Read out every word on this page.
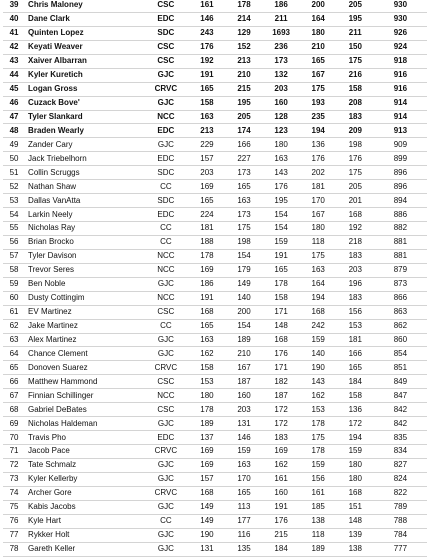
39	Chris Maloney	CSC	161	178	186	200	205	930
40	Dane Clark	EDC	146	214	211	164	195	930
41	Quinten Lopez	SDC	243	129	1693	180	211	926
42	Keyati Weaver	CSC	176	152	236	210	150	924
43	Xaiver Albarran	CSC	192	213	173	165	175	918
44	Kyler Kuretich	GJC	191	210	132	167	216	916
45	Logan Gross	CRVC	165	215	203	175	158	916
46	Cuzack Bove'	GJC	158	195	160	193	208	914
47	Tyler Slankard	NCC	163	205	128	235	183	914
48	Braden Wearly	EDC	213	174	123	194	209	913
49	Zander Cary	GJC	229	166	180	136	198	909
50	Jack Triebelhorn	EDC	157	227	163	176	176	899
51	Collin Scruggs	SDC	203	173	143	202	175	896
52	Nathan Shaw	CC	169	165	176	181	205	896
53	Dallas VanAtta	SDC	165	163	195	170	201	894
54	Larkin Neely	EDC	224	173	154	167	168	886
55	Nicholas Ray	CC	181	175	154	180	192	882
56	Brian Brocko	CC	188	198	159	118	218	881
57	Tyler Davison	NCC	178	154	191	175	183	881
58	Trevor Seres	NCC	169	179	165	163	203	879
59	Ben Noble	GJC	186	149	178	164	196	873
60	Dusty Cottingim	NCC	191	140	158	194	183	866
61	EV Martinez	CSC	168	200	171	168	156	863
62	Jake Martinez	CC	165	154	148	242	153	862
63	Alex Martinez	GJC	163	189	168	159	181	860
64	Chance Clement	GJC	162	210	176	140	166	854
65	Donoven Suarez	CRVC	158	167	171	190	165	851
66	Matthew Hammond	CSC	153	187	182	143	184	849
67	Finnian Schillinger	NCC	180	160	187	162	158	847
68	Gabriel DeBates	CSC	178	203	172	153	136	842
69	Nicholas Haldeman	GJC	189	131	172	178	172	842
70	Travis Pho	EDC	137	146	183	175	194	835
71	Jacob Pace	CRVC	169	159	169	178	159	834
72	Tate Schmalz	GJC	169	163	162	159	180	827
73	Kyler Kellerby	GJC	157	170	161	156	180	824
74	Archer Gore	CRVC	168	165	160	161	168	822
75	Kabis Jacobs	GJC	149	113	191	185	151	789
76	Kyle Hart	CC	149	177	176	138	148	788
77	Rykker Holt	GJC	190	116	215	118	139	784
78	Gareth Keller	GJC	131	135	184	189	138	777
